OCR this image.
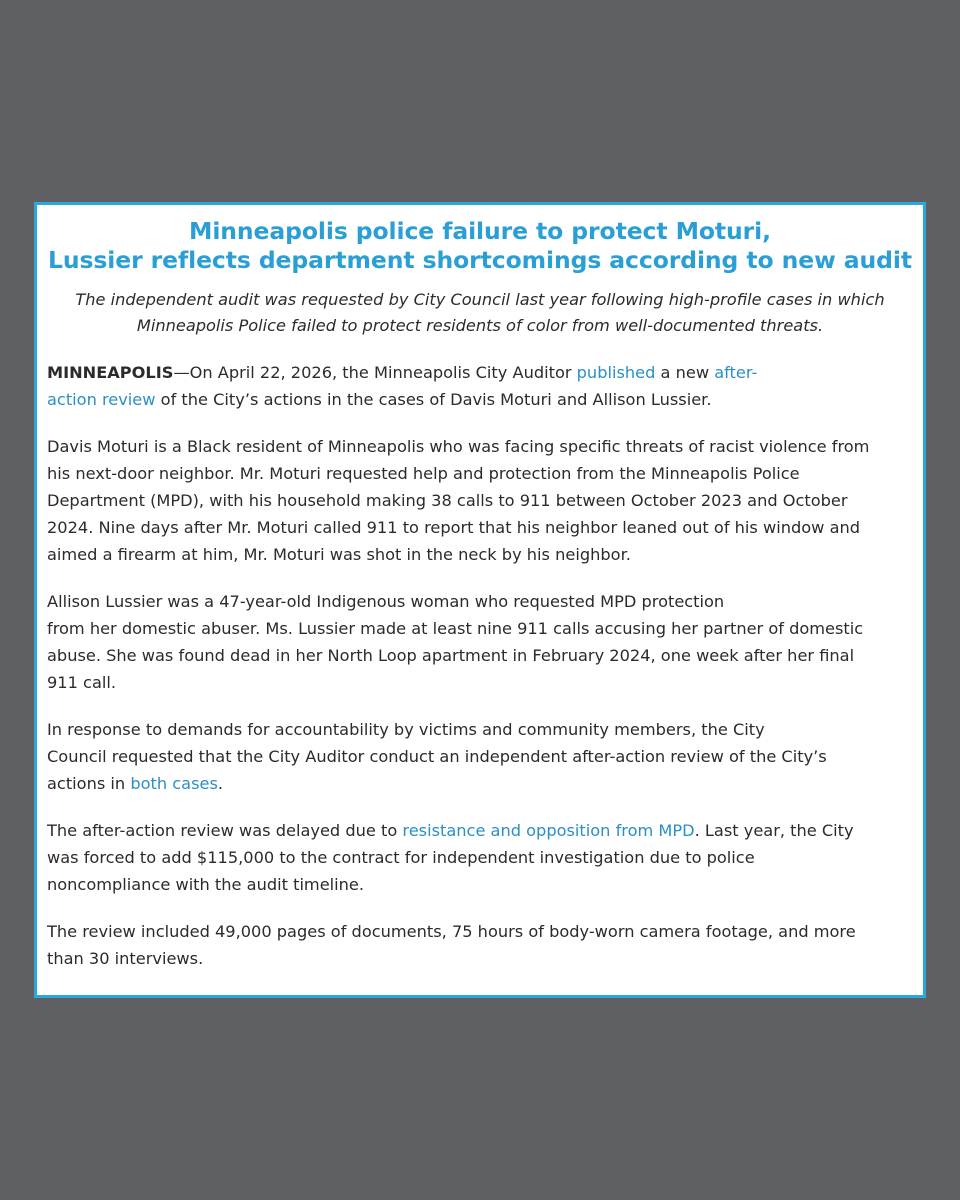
Minneapolis police failure to protect Moturi,
Lussier reflects department shortcomings according to new audit

The independent audit was requested by City Council last year following high-profile cases in which
Minneapolis Police failed to protect residents of color from well-documented threats.

MINNEAPOLIS—On April 22, 2026, the Minneapolis City Auditor published a new after-
action review of the City’s actions in the cases of Davis Moturi and Allison Lussier.

Davis Moturi is a Black resident of Minneapolis who was facing specific threats of racist violence from
his next-door neighbor. Mr. Moturi requested help and protection from the Minneapolis Police
Department (MPD), with his household making 38 calls to 911 between October 2023 and October
2024. Nine days after Mr. Moturi called 911 to report that his neighbor leaned out of his window and
aimed a firearm at him, Mr. Moturi was shot in the neck by his neighbor.

Allison Lussier was a 47-year-old Indigenous woman who requested MPD protection
from her domestic abuser. Ms. Lussier made at least nine 911 calls accusing her partner of domestic
abuse. She was found dead in her North Loop apartment in February 2024, one week after her final
911 call.

In response to demands for accountability by victims and community members, the City
Council requested that the City Auditor conduct an independent after-action review of the City’s
actions in both cases.

The after-action review was delayed due to resistance and opposition from MPD. Last year, the City
was forced to add $115,000 to the contract for independent investigation due to police
noncompliance with the audit timeline.

The review included 49,000 pages of documents, 75 hours of body-worn camera footage, and more
than 30 interviews.
